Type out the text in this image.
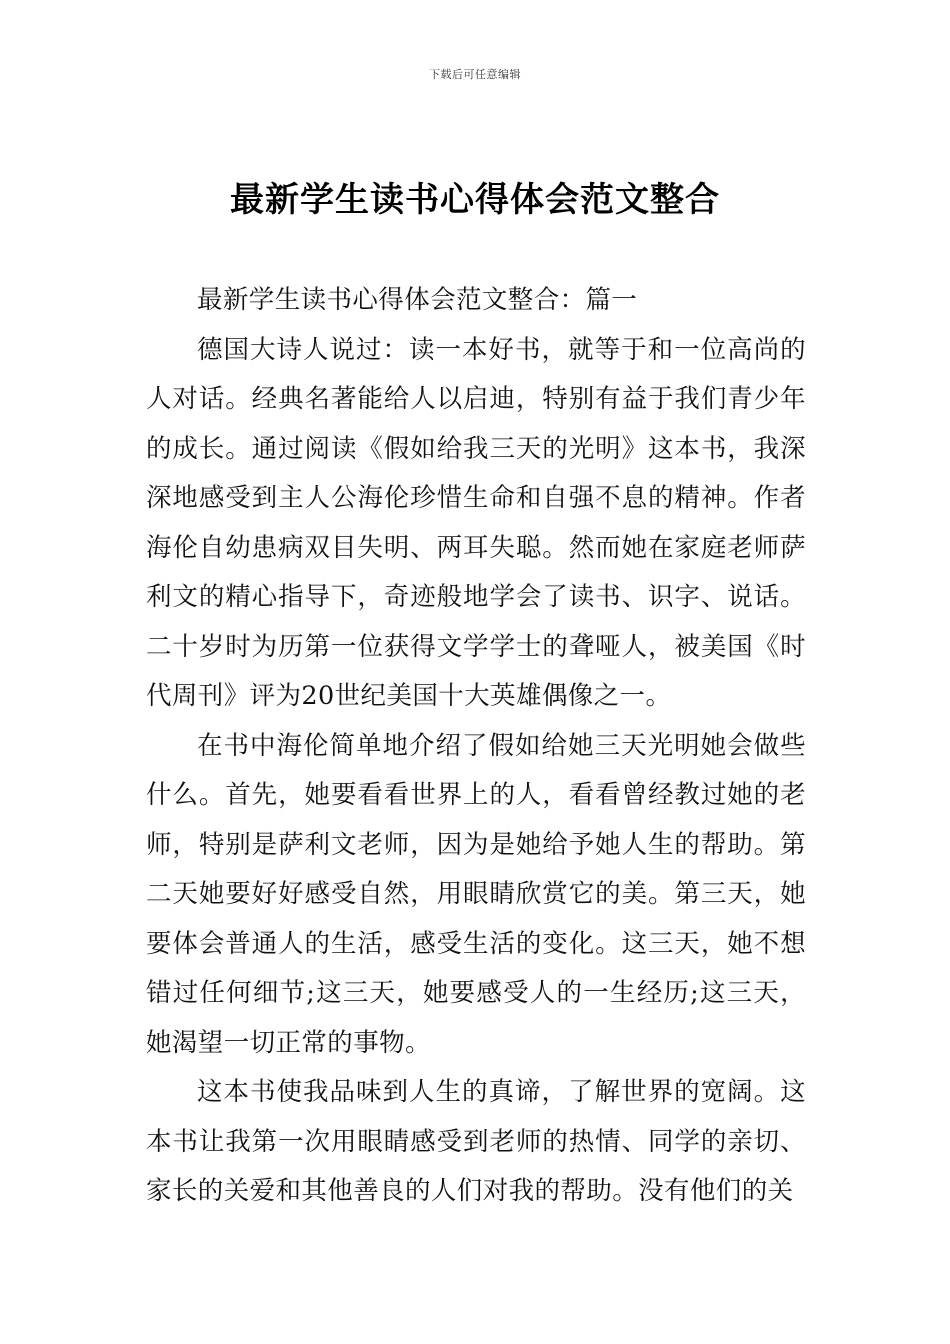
下载后可任意编辑
最新学生读书心得体会范文整合

最新学生读书心得体会范文整合：篇一

德国大诗人说过：读一本好书，就等于和一位高尚的人对话。经典名著能给人以启迪，特别有益于我们青少年的成长。通过阅读《假如给我三天的光明》这本书，我深深地感受到主人公海伦珍惜生命和自强不息的精神。作者海伦自幼患病双目失明、两耳失聪。然而她在家庭老师萨利文的精心指导下，奇迹般地学会了读书、识字、说话。二十岁时为历第一位获得文学学士的聋哑人，被美国《时代周刊》评为20世纪美国十大英雄偶像之一。

在书中海伦简单地介绍了假如给她三天光明她会做些什么。首先，她要看看世界上的人，看看曾经教过她的老师，特别是萨利文老师，因为是她给予她人生的帮助。第二天她要好好感受自然，用眼睛欣赏它的美。第三天，她要体会普通人的生活，感受生活的变化。这三天，她不想错过任何细节;这三天，她要感受人的一生经历;这三天，她渴望一切正常的事物。

这本书使我品味到人生的真谛，了解世界的宽阔。这本书让我第一次用眼睛感受到老师的热情、同学的亲切、家长的关爱和其他善良的人们对我的帮助。没有他们的关
